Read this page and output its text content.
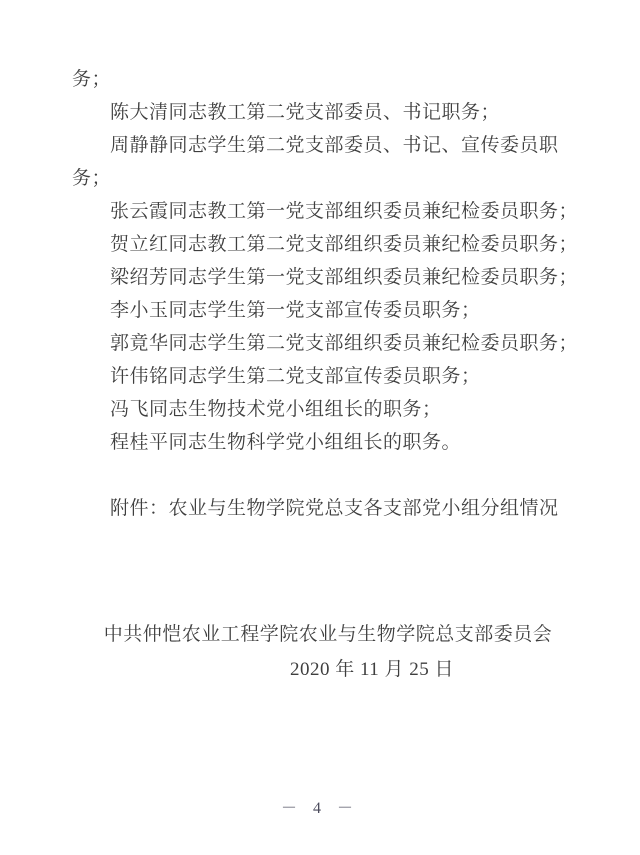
务；

陈大清同志教工第二党支部委员、书记职务；

周静静同志学生第二党支部委员、书记、宣传委员职务；

张云霞同志教工第一党支部组织委员兼纪检委员职务；

贺立红同志教工第二党支部组织委员兼纪检委员职务；

梁绍芳同志学生第一党支部组织委员兼纪检委员职务；

李小玉同志学生第一党支部宣传委员职务；

郭竟华同志学生第二党支部组织委员兼纪检委员职务；

许伟铭同志学生第二党支部宣传委员职务；

冯飞同志生物技术党小组组长的职务；

程桂平同志生物科学党小组组长的职务。

附件：农业与生物学院党总支各支部党小组分组情况

中共仲恺农业工程学院农业与生物学院总支部委员会

2020 年 11 月 25 日

－ 4 －
